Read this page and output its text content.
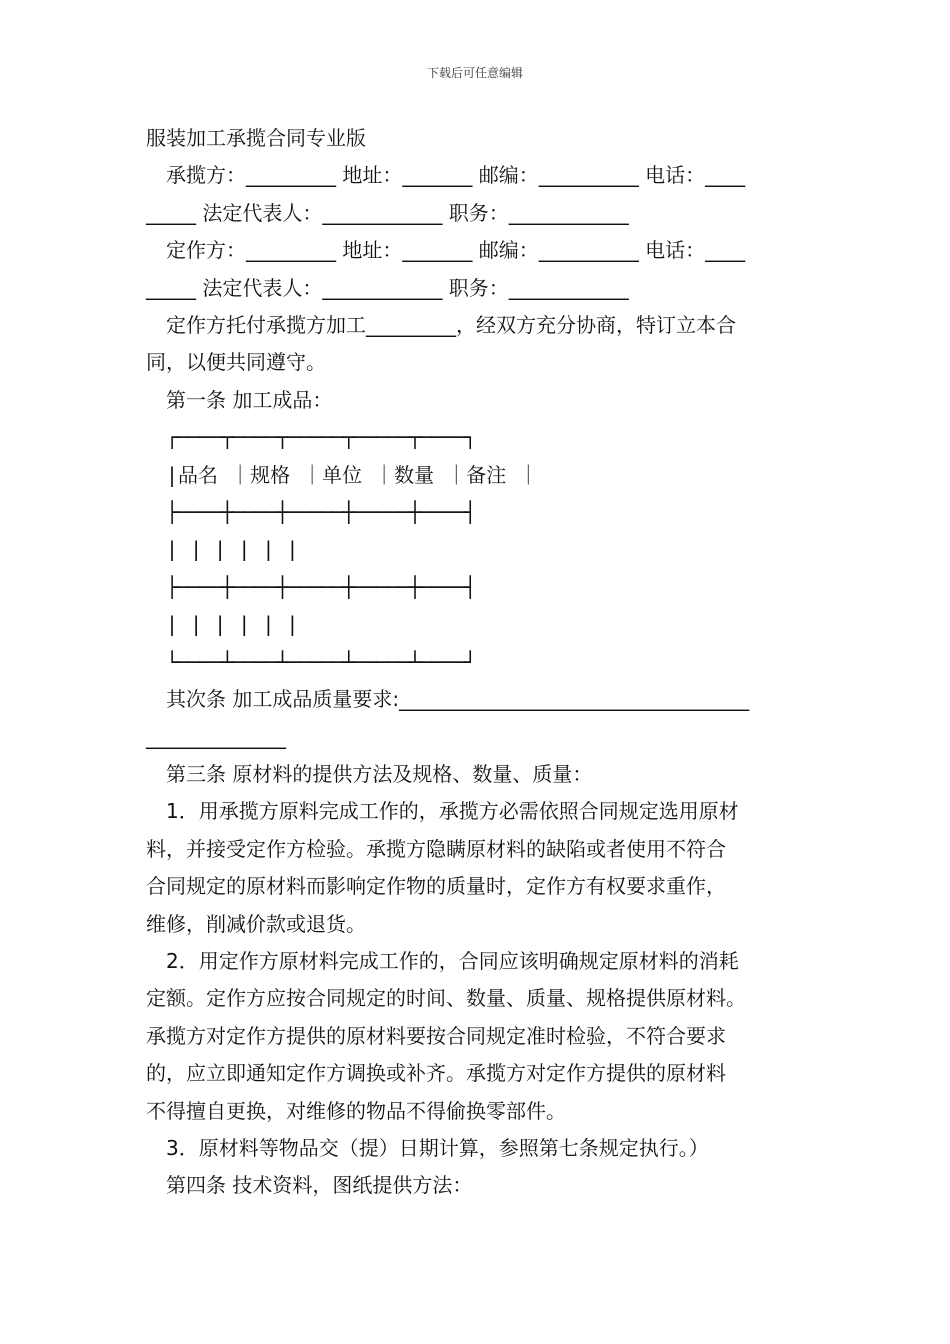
下载后可任意编辑

服装加工承揽合同专业版

承揽方：_________ 地址：_______ 邮编：__________ 电话：____

_____ 法定代表人：____________ 职务：____________

定作方：_________ 地址：_______ 邮编：__________ 电话：____

_____ 法定代表人：____________ 职务：____________

定作方托付承揽方加工_________，经双方充分协商，特订立本合

同，以便共同遵守。

第一条 加工成品：

┌────┬────┬─────┬─────┬────┐
|品名 ｜规格 ｜单位 ｜数量 ｜备注 ｜
├────┼────┼─────┼─────┼────┤
| | | | | |
├────┼────┼─────┼─────┼────┤
| | | | | |
└────┴────┴─────┴─────┴────┘

其次条 加工成品质量要求:___________________________________

______________

第三条 原材料的提供方法及规格、数量、质量：

1．用承揽方原料完成工作的，承揽方必需依照合同规定选用原材

料，并接受定作方检验。承揽方隐瞒原材料的缺陷或者使用不符合

合同规定的原材料而影响定作物的质量时，定作方有权要求重作，

维修，削减价款或退货。

2．用定作方原材料完成工作的，合同应该明确规定原材料的消耗

定额。定作方应按合同规定的时间、数量、质量、规格提供原材料。

承揽方对定作方提供的原材料要按合同规定准时检验，不符合要求

的，应立即通知定作方调换或补齐。承揽方对定作方提供的原材料

不得擅自更换，对维修的物品不得偷换零部件。

3．原材料等物品交（提）日期计算，参照第七条规定执行。）

第四条 技术资料，图纸提供方法：
